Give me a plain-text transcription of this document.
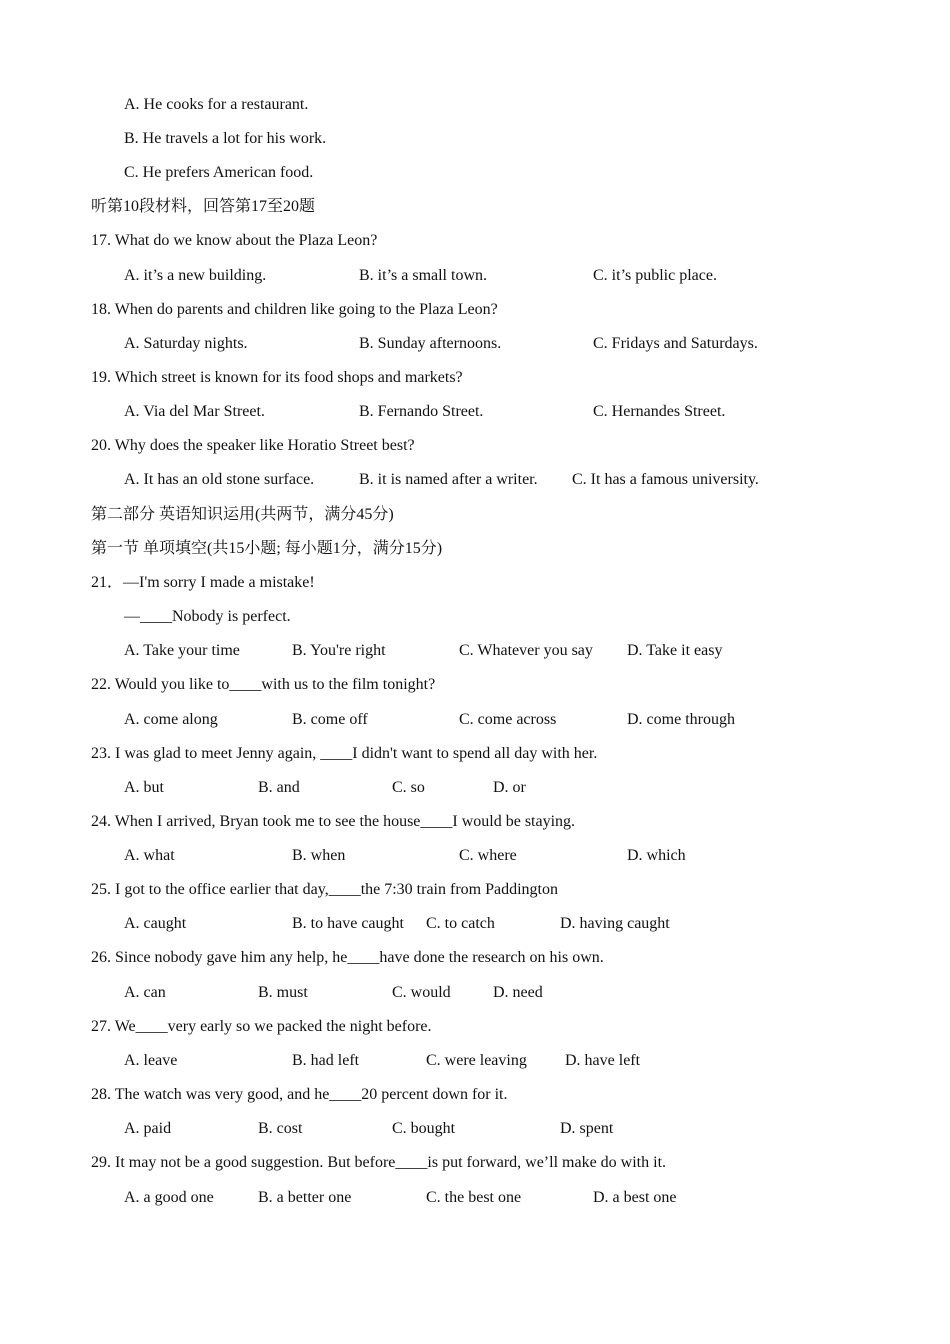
A. He cooks for a restaurant.
B. He travels a lot for his work.
C. He prefers American food.
听第10段材料，回答第17至20题
17. What do we know about the Plaza Leon?
A. it’s a new building.	B. it’s a small town.	C. it’s public place.
18. When do parents and children like going to the Plaza Leon?
A. Saturday nights.	B. Sunday afternoons.	C. Fridays and Saturdays.
19. Which street is known for its food shops and markets?
A. Via del Mar Street.	B. Fernando Street.	C. Hernandes Street.
20. Why does the speaker like Horatio Street best?
A. It has an old stone surface.	B. it is named after a writer. C. It has a famous university.
第二部分 英语知识运用(共两节，满分45分)
第一节 单项填空(共15小题; 每小题1分，满分15分)
21．—I'm sorry I made a mistake!
—____Nobody is perfect.
A. Take your time	B. You're right	C. Whatever you say D. Take it easy
22. Would you like to____with us to the film tonight?
A. come along	B. come off	C. come across	D. come through
23. I was glad to meet Jenny again, ____I didn't want to spend all day with her.
A. but	B. and	C. so	D. or
24. When I arrived, Bryan took me to see the house____I would be staying.
A. what	B. when	C. where	D. which
25. I got to the office earlier that day,____the 7:30 train from Paddington
A. caught	B. to have caught C. to catch	D. having caught
26. Since nobody gave him any help, he____have done the research on his own.
A. can	B. must	C. would	D. need
27. We____very early so we packed the night before.
A. leave	B. had left	C. were leaving D. have left
28. The watch was very good, and he____20 percent down for it.
A. paid	B. cost	C. bought	D. spent
29. It may not be a good suggestion. But before____is put forward, we’ll make do with it.
A. a good one	B. a better one	C. the best one	D. a best one
